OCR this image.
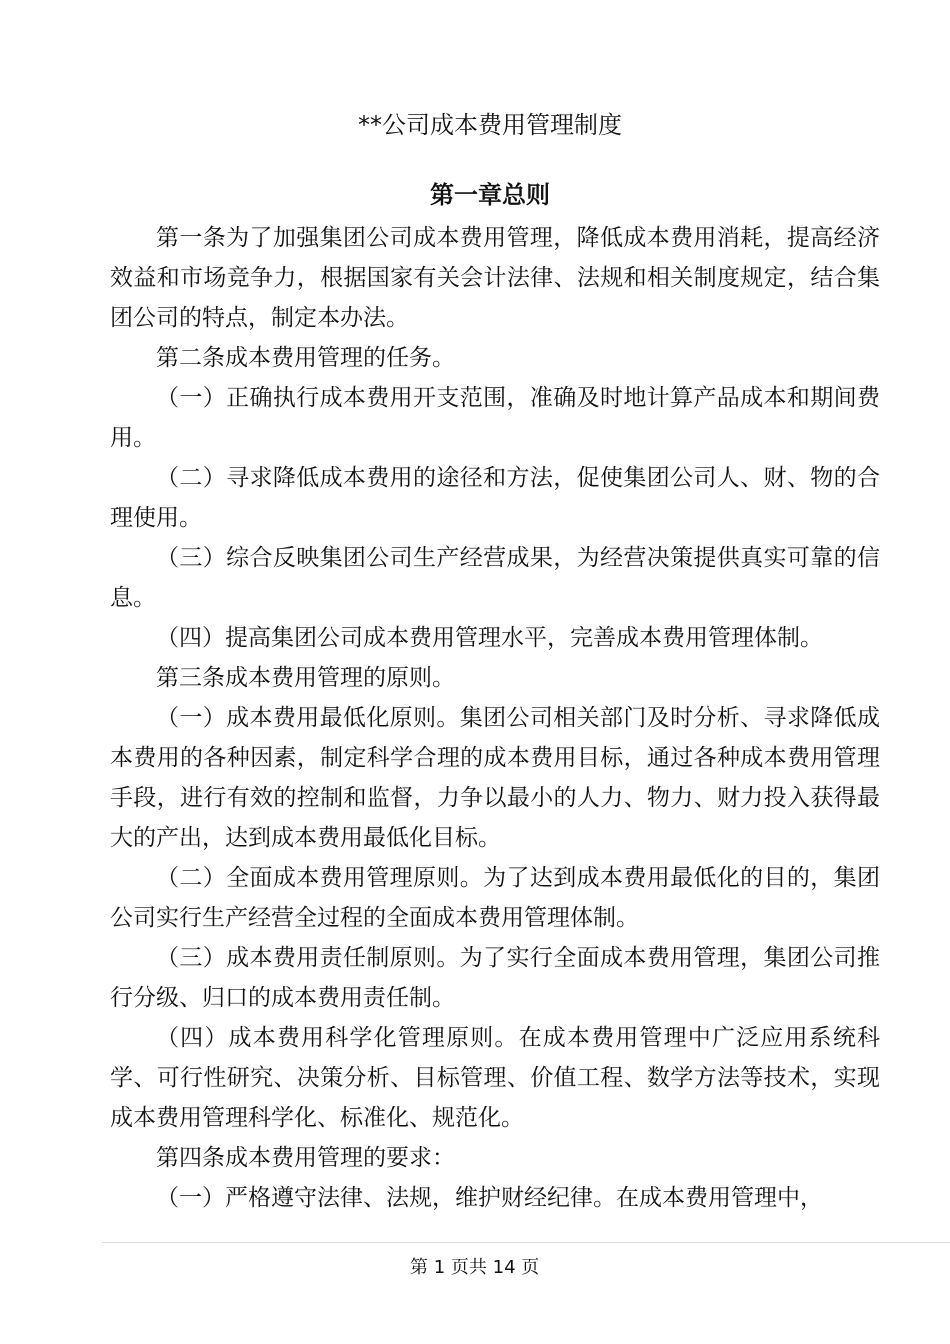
**公司成本费用管理制度
第一章总则

第一条为了加强集团公司成本费用管理，降低成本费用消耗，提高经济效益和市场竞争力，根据国家有关会计法律、法规和相关制度规定，结合集团公司的特点，制定本办法。

第二条成本费用管理的任务。

（一）正确执行成本费用开支范围，准确及时地计算产品成本和期间费用。

（二）寻求降低成本费用的途径和方法，促使集团公司人、财、物的合理使用。

（三）综合反映集团公司生产经营成果，为经营决策提供真实可靠的信息。

（四）提高集团公司成本费用管理水平，完善成本费用管理体制。

第三条成本费用管理的原则。

（一）成本费用最低化原则。集团公司相关部门及时分析、寻求降低成本费用的各种因素，制定科学合理的成本费用目标，通过各种成本费用管理手段，进行有效的控制和监督，力争以最小的人力、物力、财力投入获得最大的产出，达到成本费用最低化目标。

（二）全面成本费用管理原则。为了达到成本费用最低化的目的，集团公司实行生产经营全过程的全面成本费用管理体制。

（三）成本费用责任制原则。为了实行全面成本费用管理，集团公司推行分级、归口的成本费用责任制。

（四）成本费用科学化管理原则。在成本费用管理中广泛应用系统科学、可行性研究、决策分析、目标管理、价值工程、数学方法等技术，实现成本费用管理科学化、标准化、规范化。

第四条成本费用管理的要求：

（一）严格遵守法律、法规，维护财经纪律。在成本费用管理中，

第 1 页共 14 页
